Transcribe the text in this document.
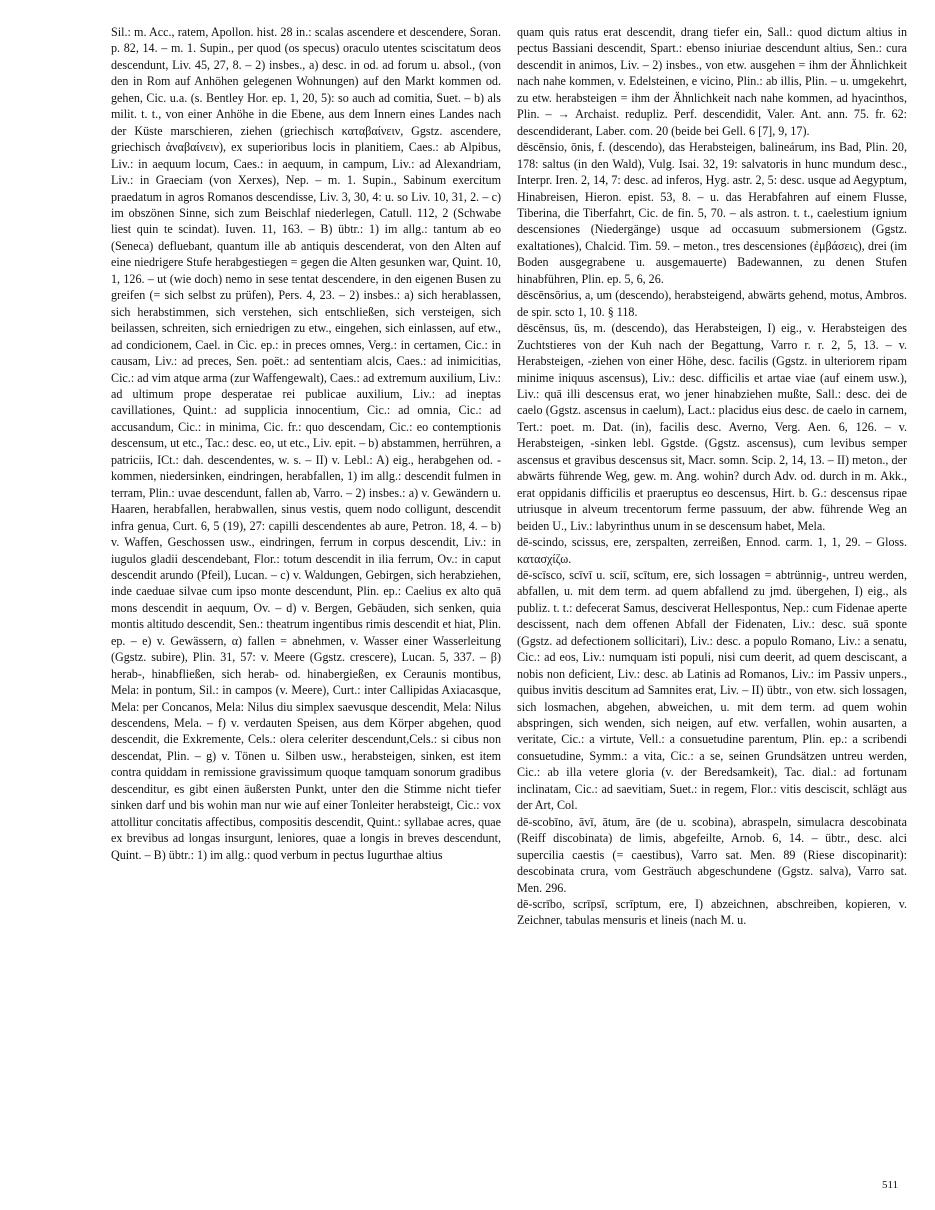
Sil.: m. Acc., ratem, Apollon. hist. 28 in.: scalas ascendere et descendere, Soran. p. 82, 14. – m. 1. Supin., per quod (os specus) oraculo utentes sciscitatum deos descendunt, Liv. 45, 27, 8. – 2) insbes., a) desc. in od. ad forum u. absol., (von den in Rom auf Anhöhen gelegenen Wohnungen) auf den Markt kommen od. gehen, Cic. u.a. (s. Bentley Hor. ep. 1, 20, 5): so auch ad comitia, Suet. – b) als milit. t. t., von einer Anhöhe in die Ebene, aus dem Innern eines Landes nach der Küste marschieren, ziehen (griechisch καταβαίνειν, Ggstz. ascendere, griechisch ἀναβαίνειν), ex superioribus locis in planitiem, Caes.: ab Alpibus, Liv.: in aequum locum, Caes.: in aequum, in campum, Liv.: ad Alexandriam, Liv.: in Graeciam (von Xerxes), Nep. – m. 1. Supin., Sabinum exercitum praedatum in agros Romanos descendisse, Liv. 3, 30, 4: u. so Liv. 10, 31, 2. – c) im obszönen Sinne, sich zum Beischlaf niederlegen, Catull. 112, 2 (Schwabe liest quin te scindat). Iuven. 11, 163. – B) übtr.: 1) im allg.: tantum ab eo (Seneca) defluebant, quantum ille ab antiquis descenderat, von den Alten auf eine niedrigere Stufe herabgestiegen = gegen die Alten gesunken war, Quint. 10, 1, 126. – ut (wie doch) nemo in sese tentat descendere, in den eigenen Busen zu greifen (= sich selbst zu prüfen), Pers. 4, 23. – 2) insbes.: a) sich herablassen, sich herabstimmen, sich verstehen, sich entschließen, sich versteigen, sich beilassen, schreiten, sich erniedrigen zu etw., eingehen, sich einlassen, auf etw., ad condicionem, Cael. in Cic. ep.: in preces omnes, Verg.: in certamen, Cic.: in causam, Liv.: ad preces, Sen. poët.: ad sententiam alcis, Caes.: ad inimicitias, Cic.: ad vim atque arma (zur Waffengewalt), Caes.: ad extremum auxilium, Liv.: ad ultimum prope desperatae rei publicae auxilium, Liv.: ad ineptas cavillationes, Quint.: ad supplicia innocentium, Cic.: ad omnia, Cic.: ad accusandum, Cic.: in minima, Cic. fr.: quo descendam, Cic.: eo contemptionis descensum, ut etc., Tac.: desc. eo, ut etc., Liv. epit. – b) abstammen, herrühren, a patriciis, ICt.: dah. descendentes, w. s. – II) v. Lebl.: A) eig., herabgehen od. -kommen, niedersinken, eindringen, herabfallen, 1) im allg.: descendit fulmen in terram, Plin.: uvae descendunt, fallen ab, Varro. – 2) insbes.: a) v. Gewändern u. Haaren, herabfallen, herabwallen, sinus vestis, quem nodo colligunt, descendit infra genua, Curt. 6, 5 (19), 27: capilli descendentes ab aure, Petron. 18, 4. – b) v. Waffen, Geschossen usw., eindringen, ferrum in corpus descendit, Liv.: in iugulos gladii descendebant, Flor.: totum descendit in ilia ferrum, Ov.: in caput descendit arundo (Pfeil), Lucan. – c) v. Waldungen, Gebirgen, sich herabziehen, inde caeduae silvae cum ipso monte descendunt, Plin. ep.: Caelius ex alto quā mons descendit in aequum, Ov. – d) v. Bergen, Gebäuden, sich senken, quia montis altitudo descendit, Sen.: theatrum ingentibus rimis descendit et hiat, Plin. ep. – e) v. Gewässern, α) fallen = abnehmen, v. Wasser einer Wasserleitung (Ggstz. subire), Plin. 31, 57: v. Meere (Ggstz. crescere), Lucan. 5, 337. – β) herab-, hinabfließen, sich herab- od. hinabergießen, ex Ceraunis montibus, Mela: in pontum, Sil.: in campos (v. Meere), Curt.: inter Callipidas Axiacasque, Mela: per Concanos, Mela: Nilus diu simplex saevusque descendit, Mela: Nilus descendens, Mela. – f) v. verdauten Speisen, aus dem Körper abgehen, quod descendit, die Exkremente, Cels.: olera celeriter descendunt,Cels.: si cibus non descendat, Plin. – g) v. Tönen u. Silben usw., herabsteigen, sinken, est item contra quiddam in remissione gravissimum quoque tamquam sonorum gradibus descenditur, es gibt einen äußersten Punkt, unter den die Stimme nicht tiefer sinken darf und bis wohin man nur wie auf einer Tonleiter herabsteigt, Cic.: vox attollitur concitatis affectibus, compositis descendit, Quint.: syllabae acres, quae ex brevibus ad longas insurgunt, leniores, quae a longis in breves descendunt, Quint. – B) übtr.: 1) im allg.: quod verbum in pectus Iugurthae altius

quam quis ratus erat descendit, drang tiefer ein, Sall.: quod dictum altius in pectus Bassiani descendit, Spart.: ebenso iniuriae descendunt altius, Sen.: cura descendit in animos, Liv. – 2) insbes., von etw. ausgehen = ihm der Ähnlichkeit nach nahe kommen, v. Edelsteinen, e vicino, Plin.: ab illis, Plin. – u. umgekehrt, zu etw. herabsteigen = ihm der Ähnlichkeit nach nahe kommen, ad hyacinthos, Plin. – → Archaist. redupliz. Perf. descendidit, Valer. Ant. ann. 75. fr. 62: descendiderant, Laber. com. 20 (beide bei Gell. 6 [7], 9, 17).

dēscēnsio, ōnis, f. (descendo), das Herabsteigen, balineárum, ins Bad, Plin. 20, 178: saltus (in den Wald), Vulg. Isai. 32, 19: salvatoris in hunc mundum desc., Interpr. Iren. 2, 14, 7: desc. ad inferos, Hyg. astr. 2, 5: desc. usque ad Aegyptum, Hinabreisen, Hieron. epist. 53, 8. – u. das Herabfahren auf einem Flusse, Tiberina, die Tiberfahrt, Cic. de fin. 5, 70. – als astron. t. t., caelestium ignium descensiones (Niedergänge) usque ad occasuum submersionem (Ggstz. exaltationes), Chalcid. Tim. 59. – meton., tres descensiones (ἐμβάσεις), drei (im Boden ausgegrabene u. ausgemauerte) Badewannen, zu denen Stufen hinabführen, Plin. ep. 5, 6, 26.

dēscēnsōrius, a, um (descendo), herabsteigend, abwärts gehend, motus, Ambros. de spir. scto 1, 10. § 118.

dēscēnsus, ūs, m. (descendo), das Herabsteigen, I) eig., v. Herabsteigen des Zuchtstieres von der Kuh nach der Begattung, Varro r. r. 2, 5, 13. – v. Herabsteigen, -ziehen von einer Höhe, desc. facilis (Ggstz. in ulteriorem ripam minime iniquus ascensus), Liv.: desc. difficilis et artae viae (auf einem usw.), Liv.: quā illi descensus erat, wo jener hinabziehen mußte, Sall.: desc. dei de caelo (Ggstz. ascensus in caelum), Lact.: placidus eius desc. de caelo in carnem, Tert.: poet. m. Dat. (in), facilis desc. Averno, Verg. Aen. 6, 126. – v. Herabsteigen, -sinken lebl. Ggstde. (Ggstz. ascensus), cum levibus semper ascensus et gravibus descensus sit, Macr. somn. Scip. 2, 14, 13. – II) meton., der abwärts führende Weg, gew. m. Ang. wohin? durch Adv. od. durch in m. Akk., erat oppidanis difficilis et praeruptus eo descensus, Hirt. b. G.: descensus ripae utriusque in alveum trecentorum ferme passuum, der abw. führende Weg an beiden U., Liv.: labyrinthus unum in se descensum habet, Mela.

dē-scindo, scissus, ere, zerspalten, zerreißen, Ennod. carm. 1, 1, 29. – Gloss. κατασχίζω.

dē-scīsco, scīvī u. sciī, scītum, ere, sich lossagen = abtrünnig-, untreu werden, abfallen, u. mit dem term. ad quem abfallend zu jmd. übergehen, I) eig., als publiz. t. t.: defecerat Samus, desciverat Hellespontus, Nep.: cum Fidenae aperte descissent, nach dem offenen Abfall der Fidenaten, Liv.: desc. suā sponte (Ggstz. ad defectionem sollicitari), Liv.: desc. a populo Romano, Liv.: a senatu, Cic.: ad eos, Liv.: numquam isti populi, nisi cum deerit, ad quem desciscant, a nobis non deficient, Liv.: desc. ab Latinis ad Romanos, Liv.: im Passiv unpers., quibus invitis descitum ad Samnites erat, Liv. – II) übtr., von etw. sich lossagen, sich losmachen, abgehen, abweichen, u. mit dem term. ad quem wohin abspringen, sich wenden, sich neigen, auf etw. verfallen, wohin ausarten, a veritate, Cic.: a virtute, Vell.: a consuetudine parentum, Plin. ep.: a scribendi consuetudine, Symm.: a vita, Cic.: a se, seinen Grundsätzen untreu werden, Cic.: ab illa vetere gloria (v. der Beredsamkeit), Tac. dial.: ad fortunam inclinatam, Cic.: ad saevitiam, Suet.: in regem, Flor.: vitis desciscit, schlägt aus der Art, Col.

dē-scobīno, āvī, ātum, āre (de u. scobina), abraspeln, simulacra descobinata (Reiff discobinata) de limis, abgefeilte, Arnob. 6, 14. – übtr., desc. alci supercilia caestis (= caestibus), Varro sat. Men. 89 (Riese discopinarit): descobinata crura, vom Gesträuch abgeschundene (Ggstz. salva), Varro sat. Men. 296.

dē-scrībo, scrīpsī, scrīptum, ere, I) abzeichnen, abschreiben, kopieren, v. Zeichner, tabulas mensuris et lineis (nach M. u.

511
